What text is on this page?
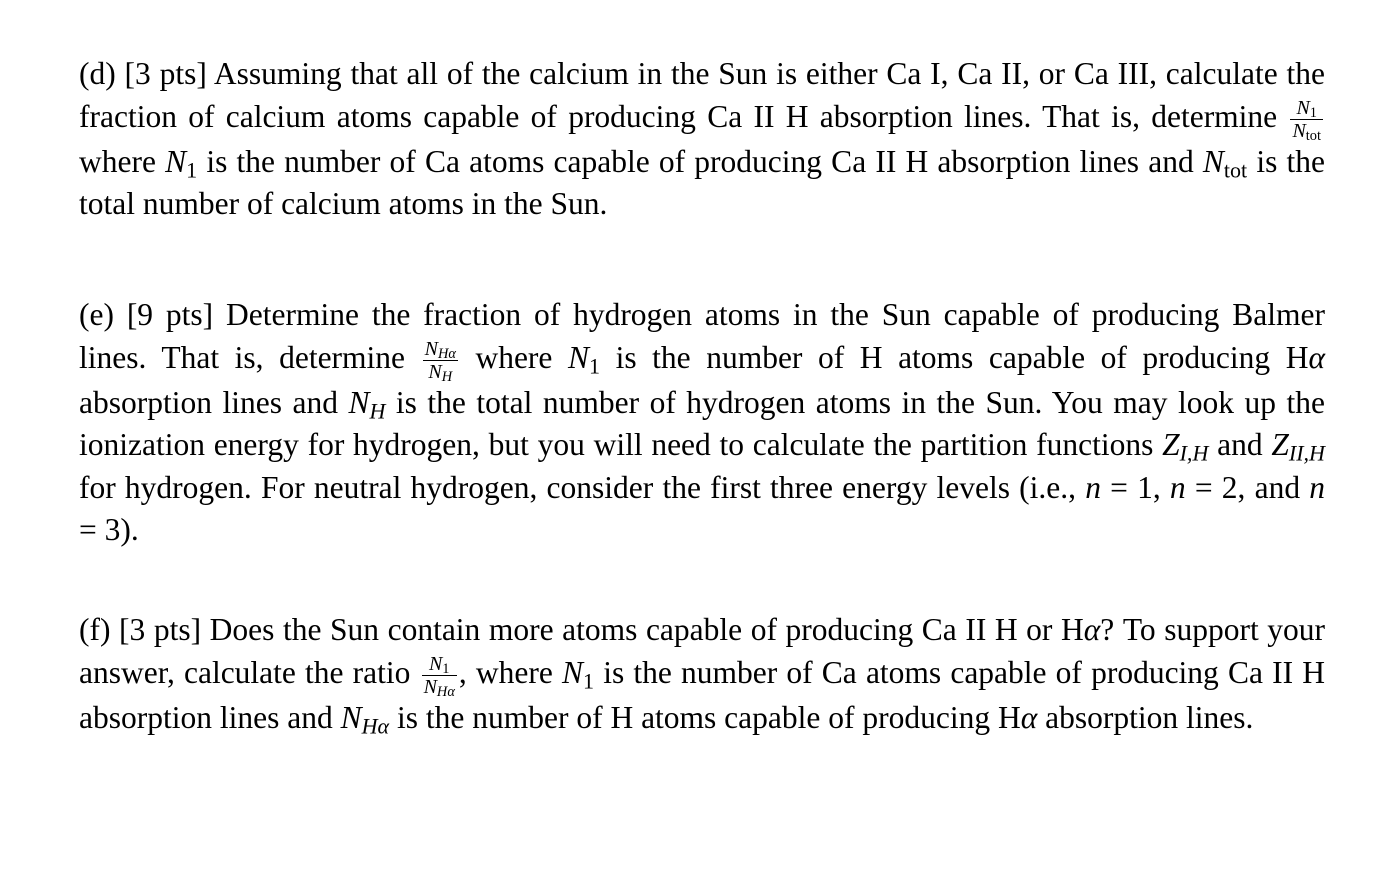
(d) [3 pts] Assuming that all of the calcium in the Sun is either Ca I, Ca II, or Ca III, calculate the fraction of calcium atoms capable of producing Ca II H absorption lines. That is, determine $\frac{N_1}{N_{tot}}$
where $N_1$ is the number of Ca atoms capable of producing Ca II H absorption lines and $N_{tot}$ is the total number of calcium atoms in the Sun.

(e) [9 pts] Determine the fraction of hydrogen atoms in the Sun capable of producing Balmer lines. That is, determine $\frac{N_{H\alpha}}{N_H}$ where $N_1$ is the number of H atoms capable of producing Hα absorption lines and $N_H$ is the total number of hydrogen atoms in the Sun. You may look up the ionization energy for hydrogen, but you will need to calculate the partition functions $Z_{I,H}$ and $Z_{II,H}$ for hydrogen. For neutral hydrogen, consider the first three energy levels (i.e., n = 1, n = 2, and n = 3).

(f) [3 pts] Does the Sun contain more atoms capable of producing Ca II H or Hα? To support your answer, calculate the ratio $\frac{N_1}{N_{H\alpha}}$ , where $N_1$ is the number of Ca atoms capable of producing Ca II H absorption lines and $N_{H\alpha}$ is the number of H atoms capable of producing Hα absorption lines.
